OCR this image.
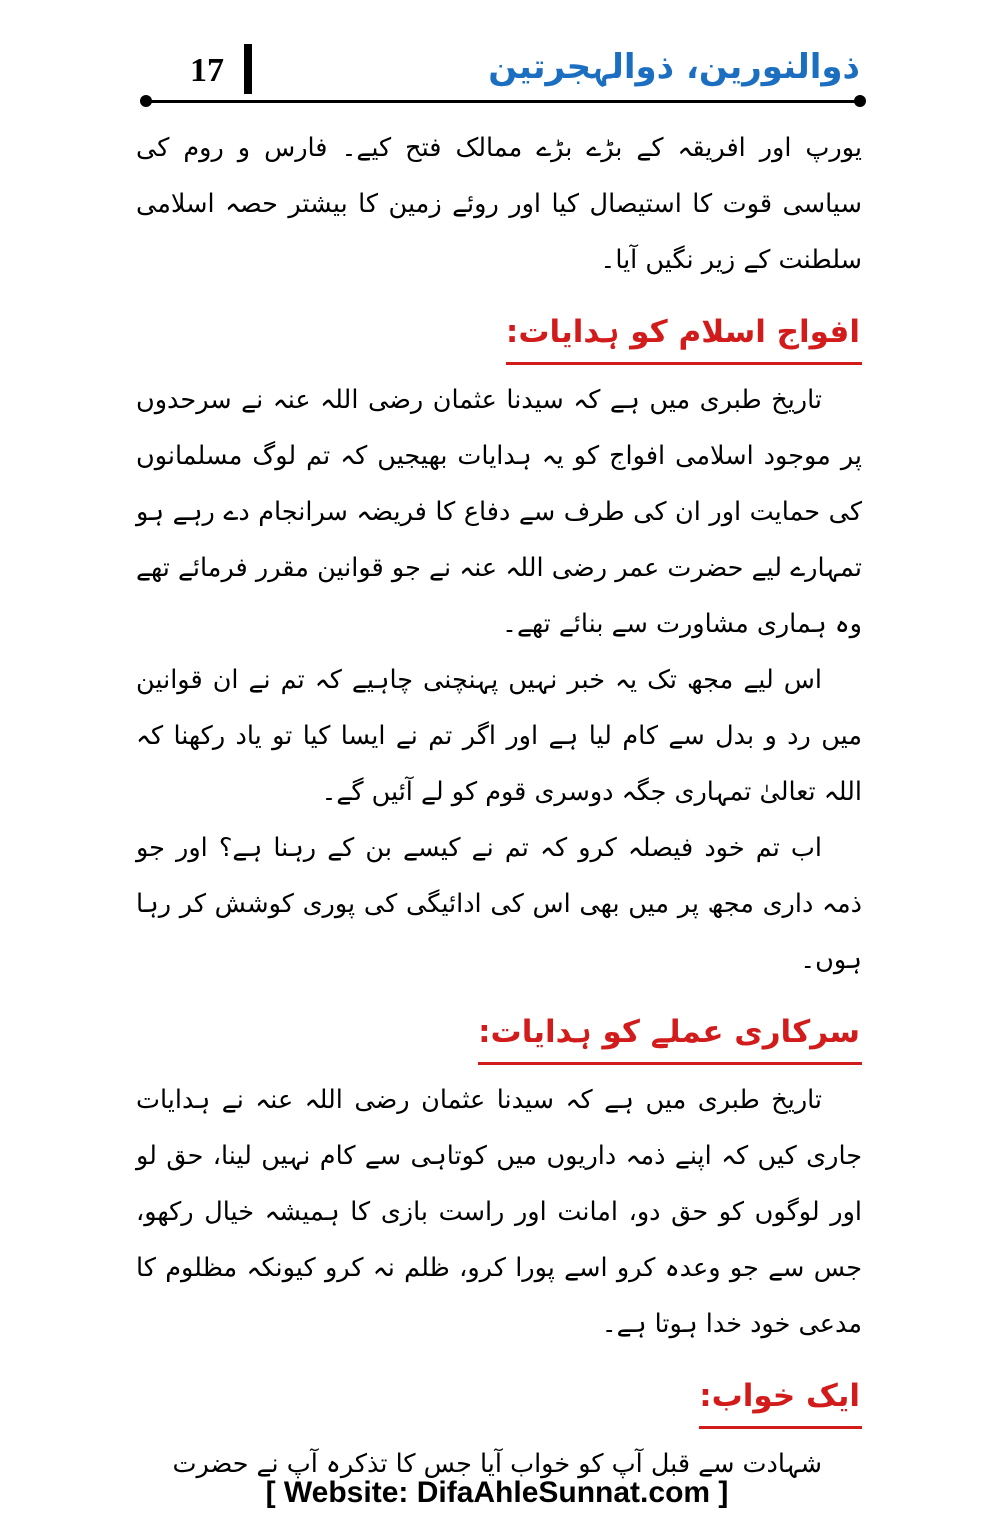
ذوالنورین، ذوالہجرتین
17

یورپ اور افریقہ کے بڑے بڑے ممالک فتح کیے۔ فارس و روم کی سیاسی قوت کا استیصال کیا اور روئے زمین کا بیشتر حصہ اسلامی سلطنت کے زیر نگیں آیا۔

افواج اسلام کو ہدایات:

تاریخ طبری میں ہے کہ سیدنا عثمان رضی اللہ عنہ نے سرحدوں پر موجود اسلامی افواج کو یہ ہدایات بھیجیں کہ تم لوگ مسلمانوں کی حمایت اور ان کی طرف سے دفاع کا فریضہ سرانجام دے رہے ہو تمہارے لیے حضرت عمر رضی اللہ عنہ نے جو قوانین مقرر فرمائے تھے وہ ہماری مشاورت سے بنائے تھے۔

اس لیے مجھ تک یہ خبر نہیں پہنچنی چاہیے کہ تم نے ان قوانین میں رد و بدل سے کام لیا ہے اور اگر تم نے ایسا کیا تو یاد رکھنا کہ اللہ تعالیٰ تمہاری جگہ دوسری قوم کو لے آئیں گے۔

اب تم خود فیصلہ کرو کہ تم نے کیسے بن کے رہنا ہے؟ اور جو ذمہ داری مجھ پر میں بھی اس کی ادائیگی کی پوری کوشش کر رہا ہوں۔

سرکاری عملے کو ہدایات:

تاریخ طبری میں ہے کہ سیدنا عثمان رضی اللہ عنہ نے ہدایات جاری کیں کہ اپنے ذمہ داریوں میں کوتاہی سے کام نہیں لینا، حق لو اور لوگوں کو حق دو، امانت اور راست بازی کا ہمیشہ خیال رکھو، جس سے جو وعدہ کرو اسے پورا کرو، ظلم نہ کرو کیونکہ مظلوم کا مدعی خود خدا ہوتا ہے۔

ایک خواب:

شہادت سے قبل آپ کو خواب آیا جس کا تذکرہ آپ نے حضرت

[ Website: DifaAhleSunnat.com ]
